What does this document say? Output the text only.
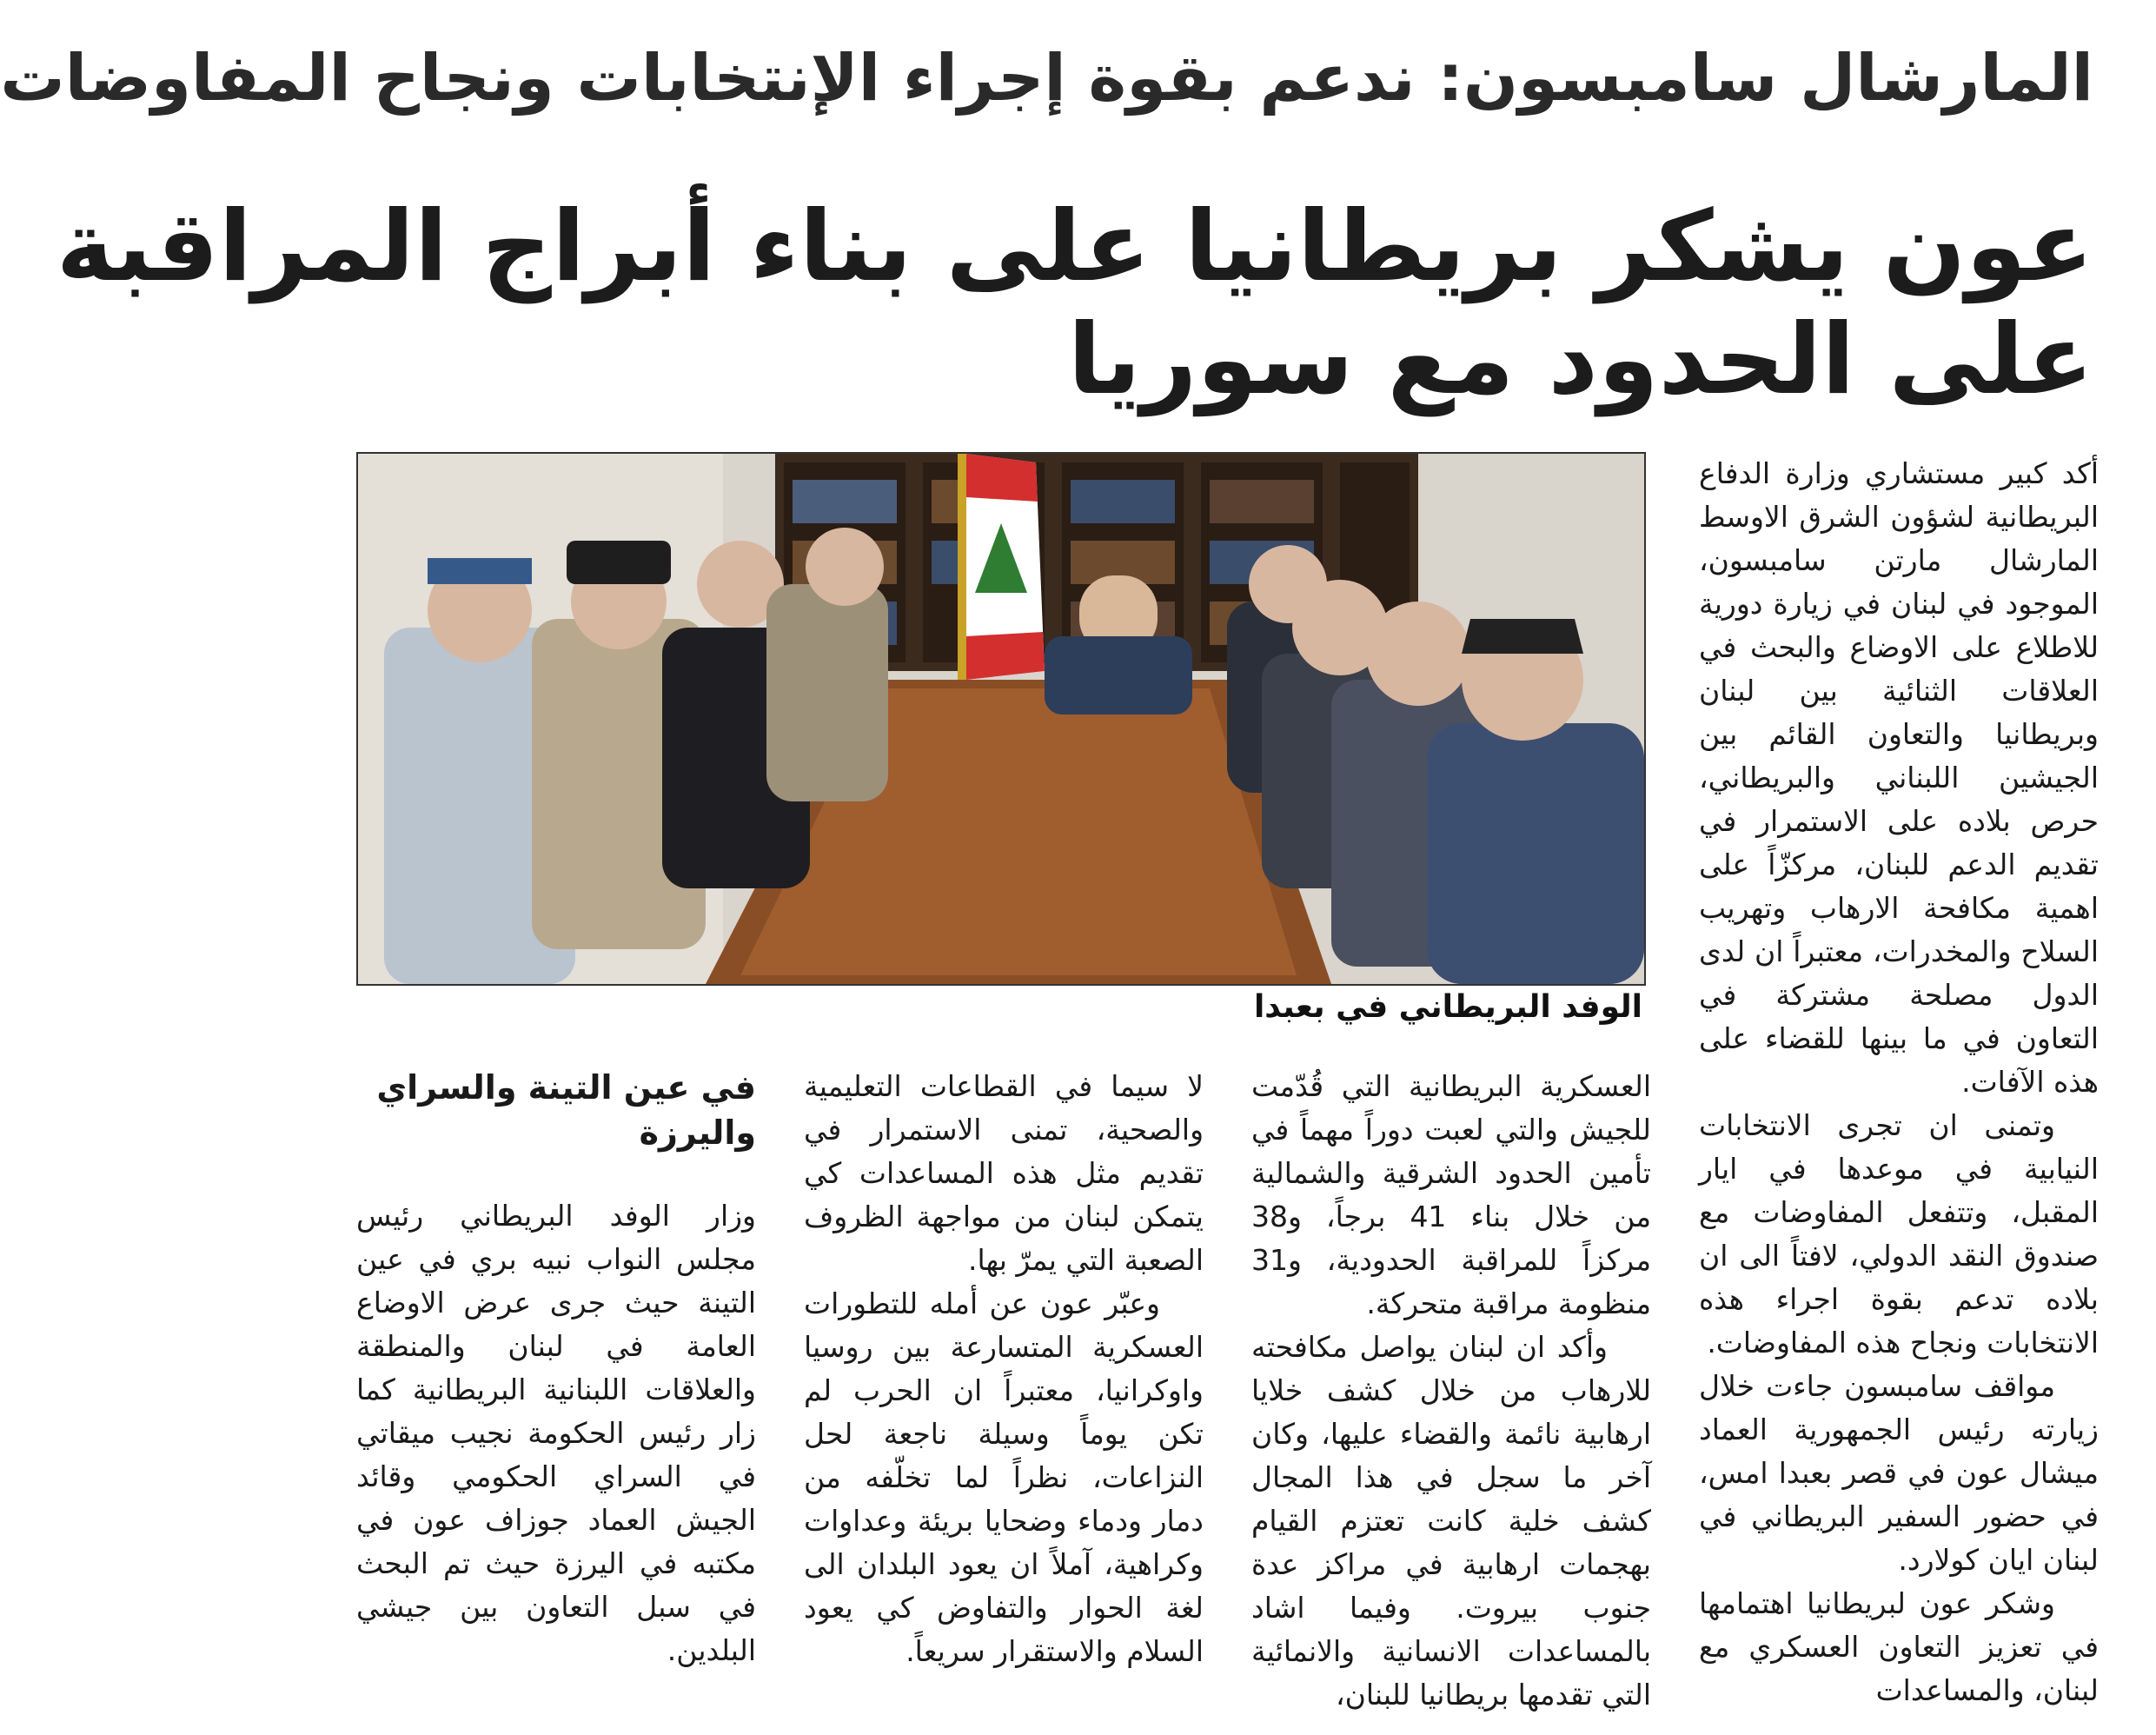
المارشال سامبسون: ندعم بقوة إجراء الإنتخابات ونجاح المفاوضات
عون يشكر بريطانيا على بناء أبراج المراقبة
على الحدود مع سوريا
الوفد البريطاني في بعبدا

أكد كبير مستشاري وزارة الدفاع البريطانية لشؤون الشرق الاوسط المارشال مارتن سامبسون، الموجود في لبنان في زيارة دورية للاطلاع على الاوضاع والبحث في العلاقات الثنائية بين لبنان وبريطانيا والتعاون القائم بين الجيشين اللبناني والبريطاني، حرص بلاده على الاستمرار في تقديم الدعم للبنان، مركزّاً على اهمية مكافحة الارهاب وتهريب السلاح والمخدرات، معتبراً ان لدى الدول مصلحة مشتركة في التعاون في ما بينها للقضاء على هذه الآفات.

وتمنى ان تجرى الانتخابات النيابية في موعدها في ايار المقبل، وتتفعل المفاوضات مع صندوق النقد الدولي، لافتاً الى ان بلاده تدعم بقوة اجراء هذه الانتخابات ونجاح هذه المفاوضات.

مواقف سامبسون جاءت خلال زيارته رئيس الجمهورية العماد ميشال عون في قصر بعبدا امس، في حضور السفير البريطاني في لبنان ايان كولارد.

وشكر عون لبريطانيا اهتمامها في تعزيز التعاون العسكري مع لبنان، والمساعدات

العسكرية البريطانية التي قُدّمت للجيش والتي لعبت دوراً مهماً في تأمين الحدود الشرقية والشمالية من خلال بناء 41 برجاً، و38 مركزاً للمراقبة الحدودية، و31 منظومة مراقبة متحركة.

وأكد ان لبنان يواصل مكافحته للارهاب من خلال كشف خلايا ارهابية نائمة والقضاء عليها، وكان آخر ما سجل في هذا المجال كشف خلية كانت تعتزم القيام بهجمات ارهابية في مراكز عدة جنوب بيروت. وفيما اشاد بالمساعدات الانسانية والانمائية التي تقدمها بريطانيا للبنان،

لا سيما في القطاعات التعليمية والصحية، تمنى الاستمرار في تقديم مثل هذه المساعدات كي يتمكن لبنان من مواجهة الظروف الصعبة التي يمرّ بها.

وعبّر عون عن أمله للتطورات العسكرية المتسارعة بين روسيا واوكرانيا، معتبراً ان الحرب لم تكن يوماً وسيلة ناجعة لحل النزاعات، نظراً لما تخلّفه من دمار ودماء وضحايا بريئة وعداوات وكراهية، آملاً ان يعود البلدان الى لغة الحوار والتفاوض كي يعود السلام والاستقرار سريعاً.

في عين التينة والسراي واليرزة

وزار الوفد البريطاني رئيس مجلس النواب نبيه بري في عين التينة حيث جرى عرض الاوضاع العامة في لبنان والمنطقة والعلاقات اللبنانية البريطانية كما زار رئيس الحكومة نجيب ميقاتي في السراي الحكومي وقائد الجيش العماد جوزاف عون في مكتبه في اليرزة حيث تم البحث في سبل التعاون بين جيشي البلدين.
